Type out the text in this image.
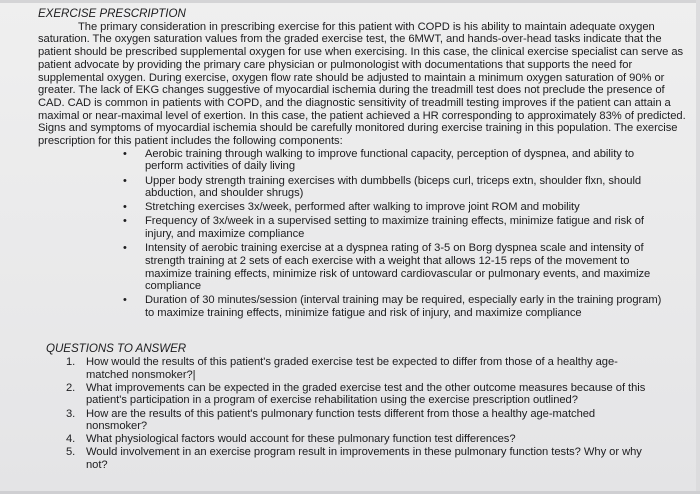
EXERCISE PRESCRIPTION

The primary consideration in prescribing exercise for this patient with COPD is his ability to maintain adequate oxygen saturation. The oxygen saturation values from the graded exercise test, the 6MWT, and hands-over-head tasks indicate that the patient should be prescribed supplemental oxygen for use when exercising. In this case, the clinical exercise specialist can serve as patient advocate by providing the primary care physician or pulmonologist with documentations that supports the need for supplemental oxygen. During exercise, oxygen flow rate should be adjusted to maintain a minimum oxygen saturation of 90% or greater. The lack of EKG changes suggestive of myocardial ischemia during the treadmill test does not preclude the presence of CAD. CAD is common in patients with COPD, and the diagnostic sensitivity of treadmill testing improves if the patient can attain a maximal or near-maximal level of exertion. In this case, the patient achieved a HR corresponding to approximately 83% of predicted. Signs and symptoms of myocardial ischemia should be carefully monitored during exercise training in this population. The exercise prescription for this patient includes the following components:

• Aerobic training through walking to improve functional capacity, perception of dyspnea, and ability to perform activities of daily living
• Upper body strength training exercises with dumbbells (biceps curl, triceps extn, shoulder flxn, should abduction, and shoulder shrugs)
• Stretching exercises 3x/week, performed after walking to improve joint ROM and mobility
• Frequency of 3x/week in a supervised setting to maximize training effects, minimize fatigue and risk of injury, and maximize compliance
• Intensity of aerobic training exercise at a dyspnea rating of 3-5 on Borg dyspnea scale and intensity of strength training at 2 sets of each exercise with a weight that allows 12-15 reps of the movement to maximize training effects, minimize risk of untoward cardiovascular or pulmonary events, and maximize compliance
• Duration of 30 minutes/session (interval training may be required, especially early in the training program) to maximize training effects, minimize fatigue and risk of injury, and maximize compliance
QUESTIONS TO ANSWER
1. How would the results of this patient's graded exercise test be expected to differ from those of a healthy age-matched nonsmoker?|
2. What improvements can be expected in the graded exercise test and the other outcome measures because of this patient's participation in a program of exercise rehabilitation using the exercise prescription outlined?
3. How are the results of this patient's pulmonary function tests different from those a healthy age-matched nonsmoker?
4. What physiological factors would account for these pulmonary function test differences?
5. Would involvement in an exercise program result in improvements in these pulmonary function tests? Why or why not?
